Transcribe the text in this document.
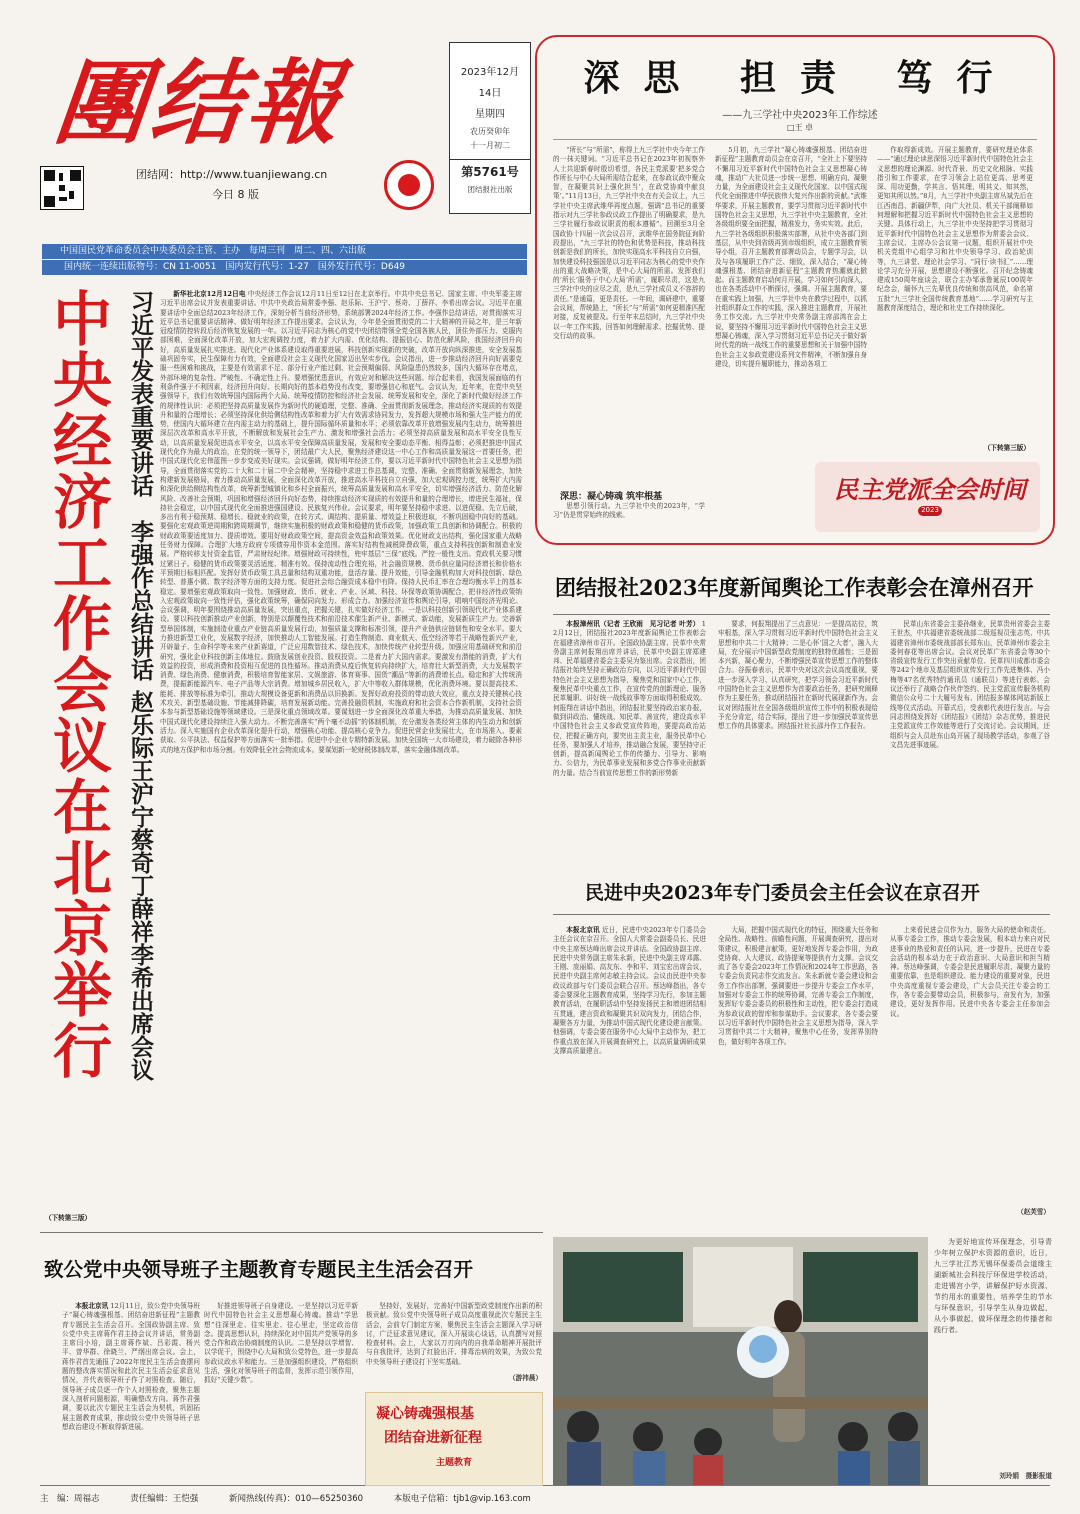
團结報
团结网：http://www.tuanjiewang.cn
今日 8 版
2023年12月
14日
星期四
农历癸卯年
十一月初二
第5761号
团结报社出版
中国国民党革命委员会中央委员会主管、主办　每周三刊　周二、四、六出版
国内统一连续出版物号：CN 11-0051　国内发行代号：1-27　国外发行代号：D649
深思 担责 笃行
——九三学社中央2023年工作综述
□王 卓

“所长”与“所需”，称得上九三学社中央今年工作的一抹关键词。“习近平总书记在2023年初视察外人士共迎新春时殷切希望，各民主党派要‘把多党合作所长与中心大局所需结合起来，在参政议政中聚众智，在凝聚共识上强化担当’，在政党协商中献良策’。”11月13日，九三学社中央在有关会议上，九三学社中央主席武维华再度点题，强调“总书记的重要指示对九三学社参政议政工作提出了明确要求，是九三学社履行参政议职责的根本遵循”。回溯至3月全国政协十四届一次会议召开，武维华在国务院征询阶段提出，“九三学社的特色和优势是科技，推动科技创新是我们的所长，加快实现高水平科技自立自强，加快建设科技强国是以习近平同志为核心的党中央作出的重大战略决策，是中心大局的所需。发挥我们的‘所长’服务于中心大局‘所需’，履职尽责，这是九三学社中央的应尽之责，是九三学社成员义不容辞的责任。”是通篇，更是责任。一年间，调研建中，重要会议间，帮统路上，“所长”与“所需”如何更精准匹配对接，反复被提及。行至年末总结时，九三学社中央以一年工作实践，回答如何理解需求、挖掘优势、提交行动的故事。

深思：凝心铸魂 筑牢根基

思想引领行动。九三学社中央的2023年，“学习”仍是贯穿始终的线索。

5月初，九三学社“凝心铸魂强根基、团结奋进新征程”主题教育动员会在京召开，“全社上下要坚持不懈用习近平新时代中国特色社会主义思想凝心铸魂，推动广大社员进一步统一思想、明确方向、凝聚力量，为全面建设社会主义现代化国家、以中国式现代化全面推进中华民族伟大复兴作出新的贡献。”武维华要求，开展主题教育，要学习贯彻习近平新时代中国特色社会主义思想，九三学社中央主题教育，全社各级组织要全面把握，精准发力，务实实效。此后，九三学社各级组织积极落实部署，从社中央各部门到基层，从中央到省级再到市级组织，成立主题教育领导小组，召开主题教育部署动员会，专题学习会，以及与各项履职工作广泛、细致，深入结合，“凝心铸魂强根基、团结奋进新征程”主题教育热潮就此掀起。而主题教育启动何月开展，学习如何引向深入，也在各类活动中不断探讨，强调。开展主题教育，要在重实践上加强，九三学社中央在教学过程中，以抓社组织群众工作的实践，深入推进主题教育，开展社务工作交流。九三学社中央常务副主席邵鸿在会上说，要坚持不懈用习近平新时代中国特色社会主义思想凝心铸魂，深入学习贯彻习近平总书记关于做好新时代党的统一战线工作的重要思想和关于加强中国特色社会主义参政党建设系列文件精神，不断加强自身建设，切实提升履职能力，推动各项工

作取得新成效。开展主题教育，要研究理论体系——“通过理论读思深悟习近平新时代中国特色社会主义思想的理论渊源、时代背景、历史文化根脉、实践指引和工作要求，在学习领会上站位更高、思考更深、用功更勤，学其言、悟其理、明其义、知其然，更知其所以然。”8月，九三学社中央副主席丛斌先后在江西南昌、新疆伊犁，向广大社员、机关干部阐释如何理解和把握习近平新时代中国特色社会主义思想的关键。具体行动上，九三学社中央坚持把学习贯彻习近平新时代中国特色社会主义思想作为常委会会议、主席会议、主席办公会议第一议题，组织开展社中央机关党组中心组学习和社中央领导学习、政治轮训等，九三讲堂、理论社会学习、“同行·读书汇”……理论学习充分开展，思想建设不断强化。召开纪念铸魂建成150周年座谈会，联合主办邹承鲁诞辰100周年纪念会，缅怀九三先辈优良传统和崇高风范，命名第五批“九三学社全国传统教育基地”……学习研究与主题教育深度结合，理论和社史工作持续深化。

（下转第三版）
民主党派全会时间
2023
中央经济工作会议在北京举行 习近平发表重要讲话　李强作总结讲话
赵乐际王沪宁蔡奇丁薛祥李希出席会议

新华社北京12月12日电 中央经济工作会议12月11日至12日在北京举行。中共中央总书记、国家主席、中央军委主席习近平出席会议并发表重要讲话。中共中央政治局常委李强、赵乐际、王沪宁、蔡奇、丁薛祥、李希出席会议。习近平在重要讲话中全面总结2023年经济工作，深刻分析当前经济形势，系统部署2024年经济工作。李强作总结讲话，对贯彻落实习近平总书记重要讲话精神、做好明年经济工作提出要求。会议认为，今年是全面贯彻党的二十大精神的开局之年，是三年新冠疫情防控转段后经济恢复发展的一年。以习近平同志为核心的党中央团结带领全党全国各族人民，顶住外部压力、克服内部困难，全面深化改革开放，加大宏观调控力度，着力扩大内需、优化结构、提振信心、防范化解风险，我国经济回升向好，高质量发展扎实推进。现代化产业体系建设取得重要进展，科技创新实现新的突破，改革开放向纵深推进，安全发展基础巩固夯实，民生保障有力有效，全面建设社会主义现代化国家迈出坚实步伐。会议指出，进一步推动经济回升向好需要克服一些困难和挑战，主要是有效需求不足、部分行业产能过剩、社会预期偏弱、风险隐患仍然较多，国内大循环存在堵点，外部环境的复杂性、严峻性、不确定性上升。要增强忧患意识，有效应对和解决这些问题。综合起来看，我国发展面临的有利条件强于不利因素，经济回升向好、长期向好的基本趋势没有改变，要增强信心和底气。会议认为，近年来，在党中央坚强领导下，我们有效统筹国内国际两个大局、统筹疫情防控和经济社会发展、统筹发展和安全，深化了新时代做好经济工作的规律性认识：必须把坚持高质量发展作为新时代的硬道理，完整、准确、全面贯彻新发展理念，推动经济实现质的有效提升和量的合理增长；必须坚持深化供给侧结构性改革和着力扩大有效需求协同发力，发挥超大规模市场和强大生产能力的优势，使国内大循环建立在内需主动力的基础上，提升国际循环质量和水平；必须依靠改革开放增强发展内生动力，统筹推进深层次改革和高水平开放，不断解放和发展社会生产力、激发和增强社会活力；必须坚持高质量发展和高水平安全良性互动，以高质量发展促进高水平安全，以高水平安全保障高质量发展，发展和安全要动态平衡、相得益彰；必须把推进中国式现代化作为最大的政治，在党的统一领导下，团结最广大人民，聚焦经济建设这一中心工作和高质量发展这一首要任务，把中国式现代化宏伟蓝图一步步变成美好现实。会议强调，做好明年经济工作，要以习近平新时代中国特色社会主义思想为指导，全面贯彻落实党的二十大和二十届二中全会精神，坚持稳中求进工作总基调，完整、准确、全面贯彻新发展理念，加快构建新发展格局，着力推动高质量发展，全面深化改革开放，推进高水平科技自立自强，加大宏观调控力度，统筹扩大内需和深化供给侧结构性改革，统筹新型城镇化和乡村全面振兴，统筹高质量发展和高水平安全，切实增强经济活力、防范化解风险、改善社会预期，巩固和增强经济回升向好态势，持续推动经济实现质的有效提升和量的合理增长，增进民生福祉，保持社会稳定，以中国式现代化全面推进强国建设、民族复兴伟业。会议要求，明年要坚持稳中求进、以进促稳、先立后破，多出有利于稳预期、稳增长、稳就业的政策，在转方式、调结构、提质量、增效益上积极进取，不断巩固稳中向好的基础。要强化宏观政策逆周期和跨周期调节，继续实施积极的财政政策和稳健的货币政策，加强政策工具创新和协调配合。积极的财政政策要适度加力、提质增效。要用好财政政策空间，提高资金效益和政策效果。优化财政支出结构，强化国家重大战略任务财力保障。合理扩大地方政府专项债券用作资本金范围。落实好结构性减税降费政策，重点支持科技创新和制造业发展。严格转移支付资金监管，严肃财经纪律。增强财政可持续性，兜牢基层“三保”底线。严控一般性支出。党政机关要习惯过紧日子。稳健的货币政策要灵活适度、精准有效。保持流动性合理充裕，社会融资规模、货币供应量同经济增长和价格水平预期目标相匹配。发挥好货币政策工具总量和结构双重功能，盘活存量、提升效能，引导金融机构加大对科技创新、绿色转型、普惠小微、数字经济等方面的支持力度。促进社会综合融资成本稳中有降。保持人民币汇率在合理均衡水平上的基本稳定。要增强宏观政策取向一致性。加强财政、货币、就业、产业、区域、科技、环保等政策协调配合，把非经济性政策纳入宏观政策取向一致性评估，强化政策统筹，确保同向发力、形成合力。加强经济宣传和舆论引导，唱响中国经济光明论。会议强调，明年要围绕推动高质量发展，突出重点，把握关键，扎实做好经济工作。一是以科技创新引领现代化产业体系建设。要以科技创新推动产业创新，特别是以颠覆性技术和前沿技术催生新产业、新模式、新动能，发展新质生产力。完善新型举国体制，实施制造业重点产业链高质量发展行动，加强质量支撑和标准引领，提升产业链供应链韧性和安全水平。要大力推进新型工业化，发展数字经济，加快推动人工智能发展。打造生物制造、商业航天、低空经济等若干战略性新兴产业，开辟量子、生命科学等未来产业新赛道，广泛应用数智技术、绿色技术，加快传统产业转型升级。加强应用基础研究和前沿研究，强化企业科技创新主体地位。鼓励发展创业投资、股权投资。二是着力扩大国内需求。要激发有潜能的消费，扩大有效益的投资，形成消费和投资相互促进的良性循环。推动消费从疫后恢复转向持续扩大，培育壮大新型消费，大力发展数字消费、绿色消费、健康消费，积极培育智能家居、文娱旅游、体育赛事、国货“潮品”等新的消费增长点。稳定和扩大传统消费，提振新能源汽车、电子产品等大宗消费。增加城乡居民收入，扩大中等收入群体规模，优化消费环境。要以提高技术、能耗、排放等标准为牵引，推动大规模设备更新和消费品以旧换新。发挥好政府投资的带动放大效应，重点支持关键核心技术攻关、新型基础设施、节能减排降碳，培育发展新动能。完善投融资机制，实施政府和社会资本合作新机制，支持社会资本参与新型基础设施等领域建设。三是深化重点领域改革。要谋划进一步全面深化改革重大举措，为推动高质量发展、加快中国式现代化建设持续注入强大动力。不断完善落实“两个毫不动摇”的体制机制，充分激发各类经营主体的内生动力和创新活力。深入实施国有企业改革深化提升行动，增强核心功能、提高核心竞争力。促进民营企业发展壮大，在市场准入、要素获取、公平执法、权益保护等方面落实一批举措。促进中小企业专精特新发展。加快全国统一大市场建设，着力破除各种形式的地方保护和市场分割。有效降低全社会物流成本。要谋划新一轮财税体制改革，落实金融体制改革。

（下转第三版）
团结报社2023年度新闻舆论工作表彰会在漳州召开

本报漳州讯（记者 王欣雨　见习记者 叶芳） 12月12日，团结报社2023年度新闻舆论工作表彰会在福建省漳州市召开。全国政协副主席、民革中央常务副主席何报翔出席并讲话，民革中央副主席郑建邦、民革福建省委会主委吴为鉴出席。会议指出，团结报社始终坚持正确政治方向，以习近平新时代中国特色社会主义思想为指导，聚焦党和国家中心工作，聚焦民革中央重点工作，在宣传党的创新理论、服务民革履职、讲好统一战线故事等方面取得积极成效。何报翔在讲话中指出，团结报社要坚持政治家办报，做到讲政治、懂统战、知民革、善宣传，建设高水平中国特色社会主义参政党宣传阵地，要提高政治站位，把握正确方向，要突出主责主业，服务民革中心任务，要加强人才培养，推动融合发展，要坚持守正创新，提高新闻舆论工作的传播力、引导力、影响力、公信力，为民革事业发展和多党合作事业贡献新的力量。结合当前宣传思想工作的新形势新

要求，何报翔提出了三点意见：一是提高站位，筑牢根基，深入学习贯彻习近平新时代中国特色社会主义思想和中共二十大精神；二是心怀‘国之大者’，融入大局，充分展示中国新型政党制度的独特优越性；三是固本兴新，凝心聚力，不断增强民革宣传思想工作的整体合力。谷振春表示，民革中央对这次会议高度重视，要进一步深入学习、认真研究，把学习领会习近平新时代中国特色社会主义思想作为首要政治任务，把研究阐释作为主要任务，推动团结报社在新时代展现新作为。会议对团结报社在全国各级组织宣传工作中的积极表现给予充分肯定，结合实际，提出了进一步加强民革宣传思想工作的具体要求。团结报社社长邵丹作工作报告。

民革山东省委会主委孙继业，民革贵州省委会主委王世杰，中共福建省委统战部二级巡视员张志英、中共福建省漳州市委统战部部长郑东山，民革漳州市委会主委何春花等出席会议。会议对民革广东省委会等30个省级宣传发行工作突出贡献单位、民革四川成都市委会等242个地市及基层组织宣传发行工作先进集体、冯小梅等47名优秀特约通讯员（通联员）等进行表彰。会议还举行了战略合作伙伴签约、民主党派宣传服务机构微信公众号二十大履号发布、团结报多媒体网站新版上线等仪式活动。开幕式后，受表彰代表进行发言。与会同志围绕发挥好《团结报》《团结》杂志优势，推进民主党派宣传工作效能等进行了交流讨论。会议期间，还组织与会人员赴东山岛开展了现场教学活动，参观了谷文昌先进事迹展。

民进中央2023年专门委员会主任会议在京召开

本报北京讯 近日，民进中央2023年专门委员会主任会议在京召开。全国人大常委会副委员长、民进中央主席蔡达峰出席会议并讲话。全国政协副主席、民进中央常务副主席朱永新，民进中央副主席邓露、王刚、庞丽娟、高友东、李和平、刘宝宏出席会议，民进中央副主席何志敏主持会议。会议由民进中央参政议政部与专门委员会联合召开。蔡达峰指出，各专委会要深化主题教育成果，坚持学习先行，参加主题教育活动，在履职活动中坚持发扬民主和增进团结相互贯通，建言资政和凝聚共识双向发力，团结合作，凝聚各方力量，为推动中国式现代化建设建言献策。他强调，专委会要在服务中心大局中主动作为，把工作重点放在深入开展调查研究上，以高质量调研成果支撑高质量建言。

大局，把握中国式现代化的特征，围绕重大任务和全局性、战略性、前瞻性问题，开展调查研究，提出对策建议，积极建言献策，更好地发挥专委会作用，为政党协商、人大建议、政协提案等提供有力支撑。会议交流了各专委会2023年工作情况和2024年工作思路，各专委会负责同志作交流发言。朱永新就专委会建设和会务工作作出部署，强调要进一步提升专委会工作水平，加强对专委会工作的统筹协调，完善专委会工作制度，发挥好专委会委员的积极性和主动性，把专委会打造成为参政议政的智库和参谋助手。会议要求，各专委会要以习近平新时代中国特色社会主义思想为指导，深入学习贯彻中共二十大精神，聚焦中心任务，发挥界别特色，做好明年各项工作。

上来看民进会员作为力，服务大局的使命和责任。从事专委会工作，推动专委会发展，根本动力来自对民进事业的热爱和责任的认同，进一步提升，民进在专委会活动的根本动力在于政治意识、大局意识和担当精神。蔡达峰强调，专委会是民进履职尽责、凝聚力量的重要依靠，也是组织建设、能力建设的重要对象，民进中央高度重视专委会建设，广大会员关注专委会的工作，各专委会要带动会员，积极参与，奋发有为，加强建设，更好发挥作用。民进中央各专委会主任参加会议。

（赵芙雪）
致公党中央领导班子主题教育专题民主生活会召开

本报北京讯 12月11日，致公党中央领导班子“凝心铸魂强根基、团结奋进新征程”主题教育专题民主生活会召开。全国政协副主席、致公党中央主席蒋作君主持会议并讲话，常务副主席闫小培，副主席蒋作斌、吕彩霞、杨兴平、曾华群、徐晓兰、严纲出席会议。会上，蒋作君首先通报了2022年度民主生活会查摆问题的整改落实情况和此次民主生活会征求意见情况，并代表领导班子作了对照检查。随后，领导班子成员逐一作个人对照检查，聚焦主题深入剖析问题根源，明确整改方向。蒋作君强调，要以此次专题民主生活会为契机，巩固拓展主题教育成果，推动致公党中央领导班子思想政治建设不断取得新进展。

好推进领导班子自身建设。一是坚持以习近平新时代中国特色社会主义思想凝心铸魂。推动“学思想”往深里走、往实里走、往心里走，坚定政治信念。提高思想认识，持续深化对中国共产党领导的多党合作和政治协商制度的认识。二是坚持以学增智、以学促干，围绕中心大局和致公党特色，进一步提高参政议政水平和能力。三是加强组织建设，严格组织生活，强化对领导班子的监督，发挥示范引领作用，抓好“关键少数”。

坚持好，发展好，完善好中国新型政党制度作出新的积极贡献。致公党中央领导班子成员高度重视此次专题民主生活会，会前专门制定方案，聚焦民主生活会主题深入学习研讨，广泛征求意见建议，深入开展谈心谈话，认真撰写对照检查材料。会上，大家以刀刃向内的自我革命精神开展批评与自我批评，达到了红脸出汗、排毒治病的效果，为致公党中央领导班子建设打下坚实基础。

（游祎晨）
凝心铸魂强根基
团结奋进新征程
主题教育

为更好地宣传环保理念，引导青少年树立保护水资源的意识，近日，九三学社江苏无锡环保委员会道缘主湖新城社会科技厅环保进学校活动，走进锡宫小学，讲解保护好水资源、节约用水的重要性，培养学生的节水与环保意识，引导学生从身边做起，从小事做起，做环保理念的传播者和践行者。

刘玲娟　摄影报道
主　编：周福志	责任编辑：王恺强	新闻热线(传真)：010—65250360	本版电子信箱：tjb1@vip.163.com
